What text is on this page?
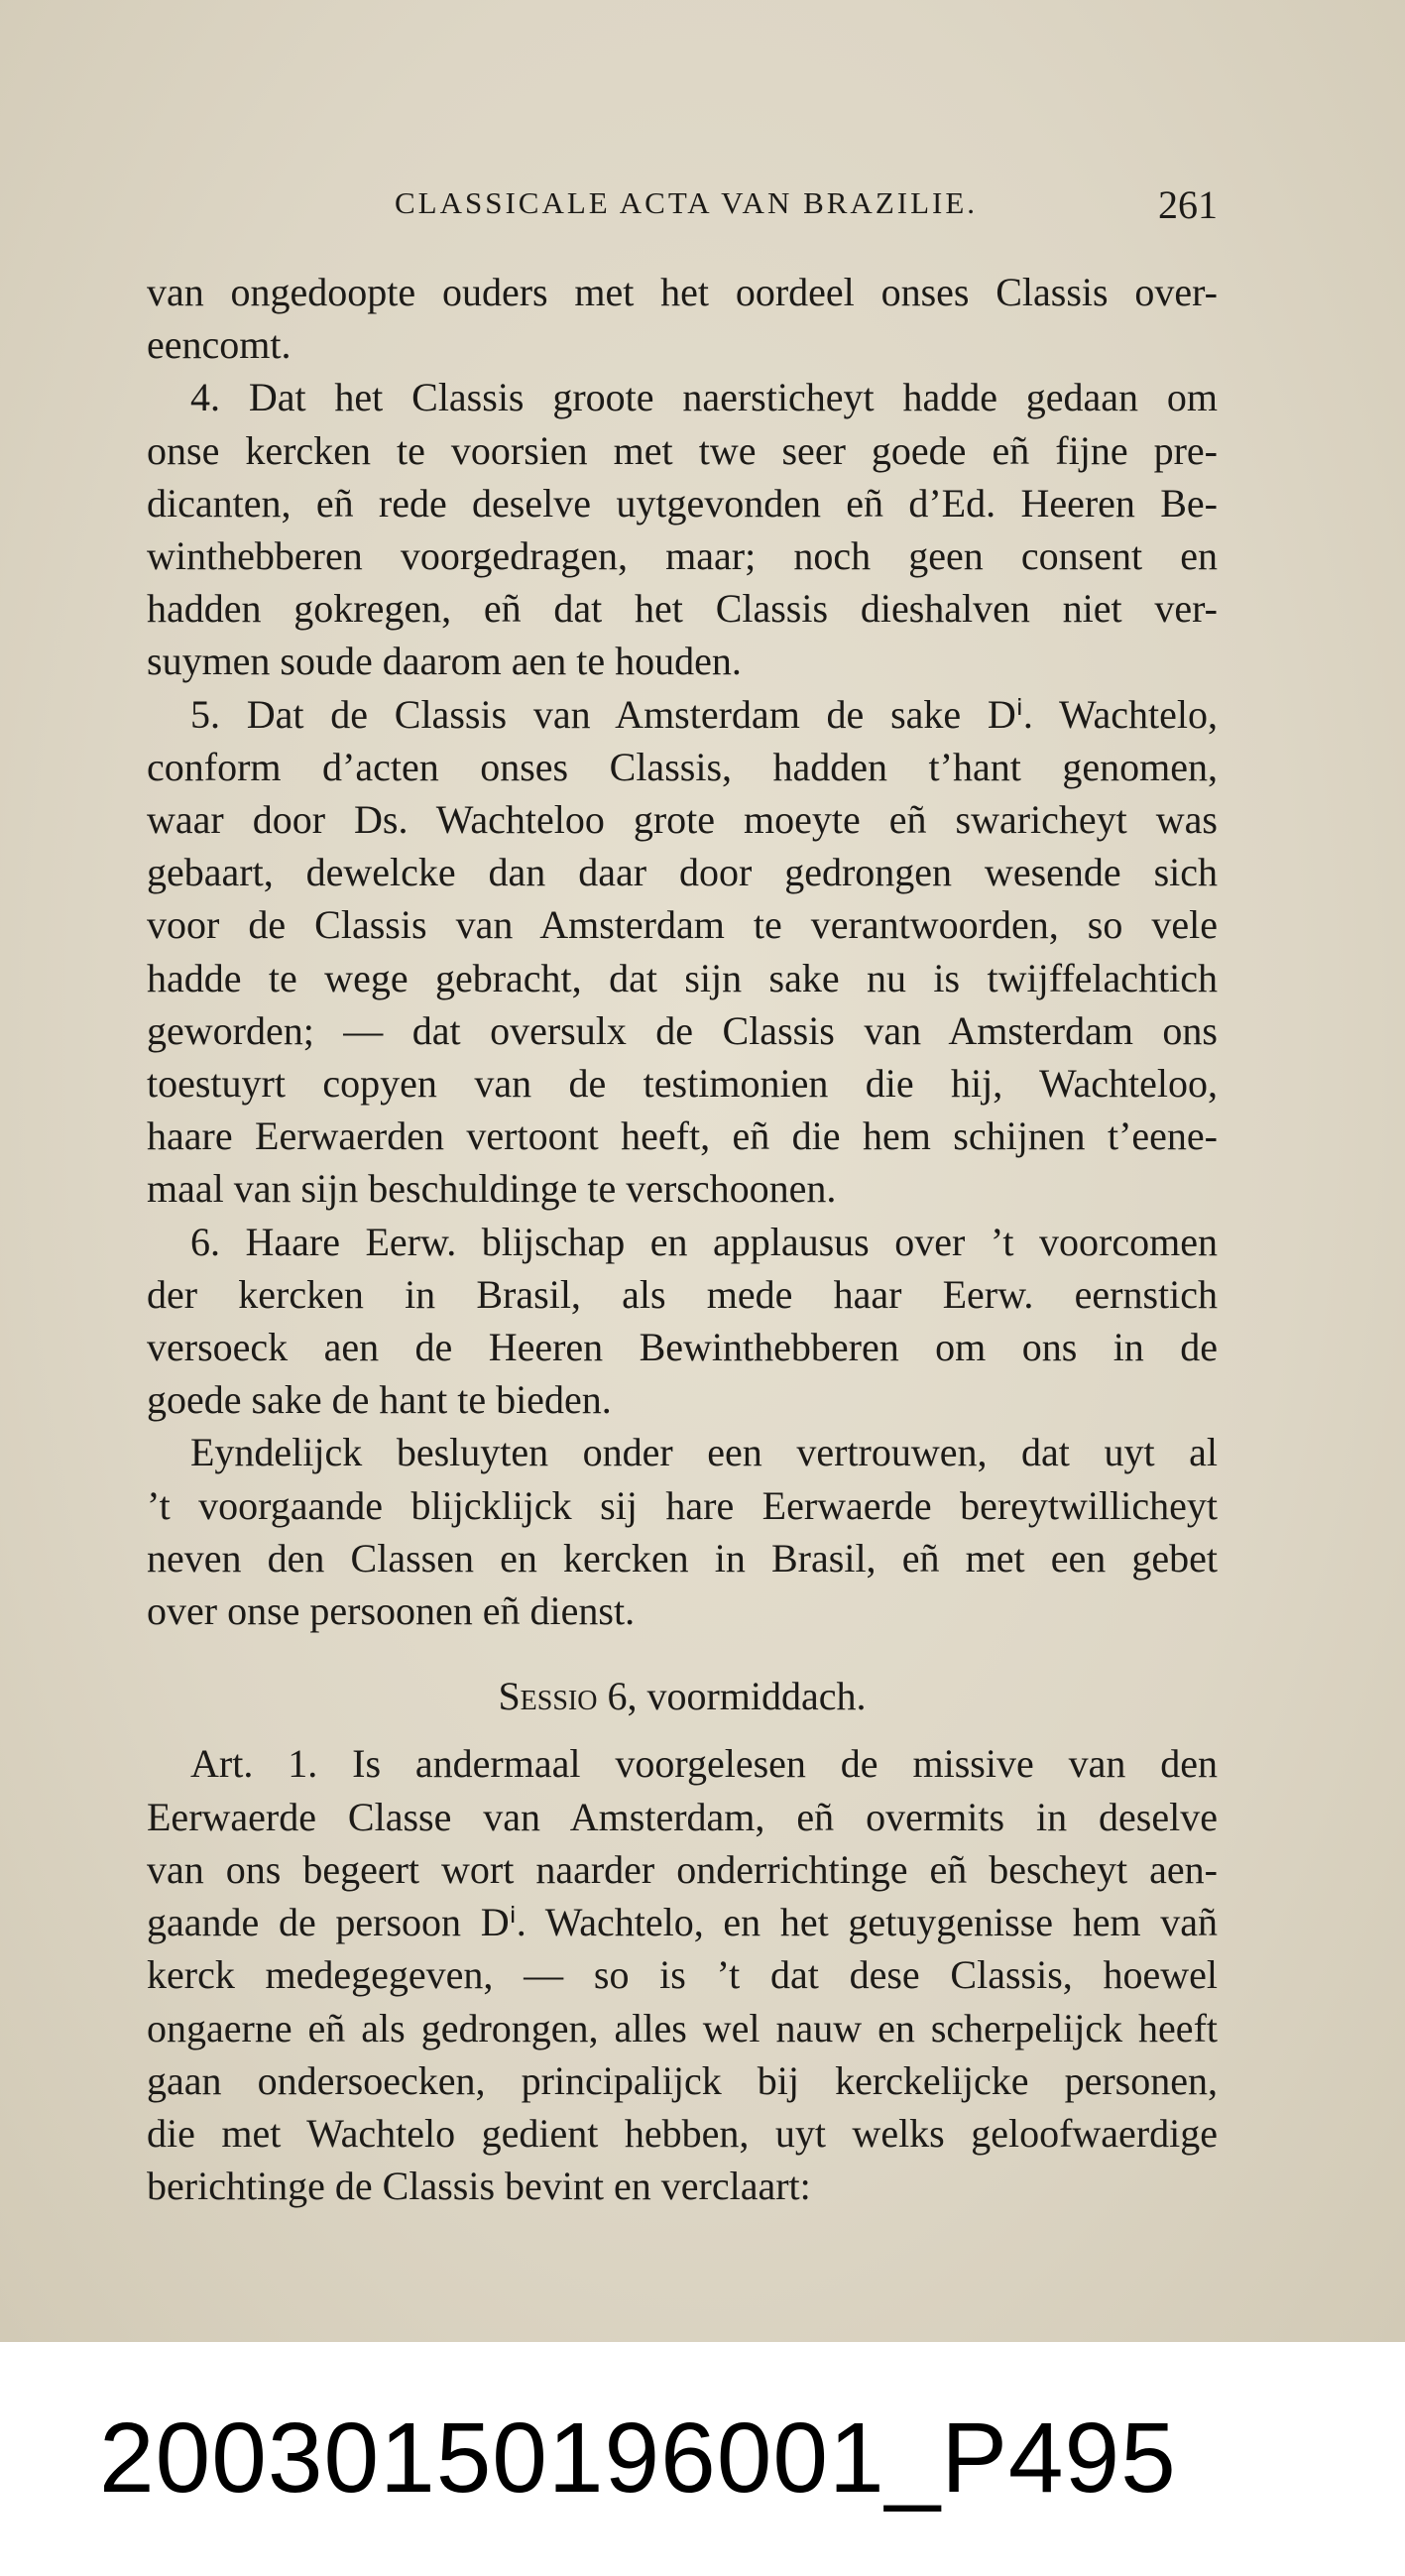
CLASSICALE ACTA VAN BRAZILIE.	261
van ongedoopte ouders met het oordeel onses Classis over-
eencomt.
4. Dat het Classis groote naersticheyt hadde gedaan om
onse kercken te voorsien met twe seer goede eñ fijne pre-
dicanten, eñ rede deselve uytgevonden eñ d’Ed. Heeren Be-
winthebberen voorgedragen, maar; noch geen consent en
hadden gokregen, eñ dat het Classis dieshalven niet ver-
suymen soude daarom aen te houden.
5. Dat de Classis van Amsterdam de sake Dⁱ. Wachtelo,
conform d’acten onses Classis, hadden t’hant genomen,
waar door Ds. Wachteloo grote moeyte eñ swaricheyt was
gebaart, dewelcke dan daar door gedrongen wesende sich
voor de Classis van Amsterdam te verantwoorden, so vele
hadde te wege gebracht, dat sijn sake nu is twijffelachtich
geworden; — dat oversulx de Classis van Amsterdam ons
toestuyrt copyen van de testimonien die hij, Wachteloo,
haare Eerwaerden vertoont heeft, eñ die hem schijnen t’eene-
maal van sijn beschuldinge te verschoonen.
6. Haare Eerw. blijschap en applausus over ’t voorcomen
der kercken in Brasil, als mede haar Eerw. eernstich
versoeck aen de Heeren Bewinthebberen om ons in de
goede sake de hant te bieden.
Eyndelijck besluyten onder een vertrouwen, dat uyt al
’t voorgaande blijcklijck sij hare Eerwaerde bereytwillicheyt
neven den Classen en kercken in Brasil, eñ met een gebet
over onse persoonen eñ dienst.
Sessio 6, voormiddach.
Art. 1. Is andermaal voorgelesen de missive van den
Eerwaerde Classe van Amsterdam, eñ overmits in deselve
van ons begeert wort naarder onderrichtinge eñ bescheyt aen-
gaande de persoon Dⁱ. Wachtelo, en het getuygenisse hem vañ
kerck medegegeven, — so is ’t dat dese Classis, hoewel
ongaerne eñ als gedrongen, alles wel nauw en scherpelijck heeft
gaan ondersoecken, principalijck bij kerckelijcke personen,
die met Wachtelo gedient hebben, uyt welks geloofwaerdige
berichtinge de Classis bevint en verclaart:
20030150196001_P495
